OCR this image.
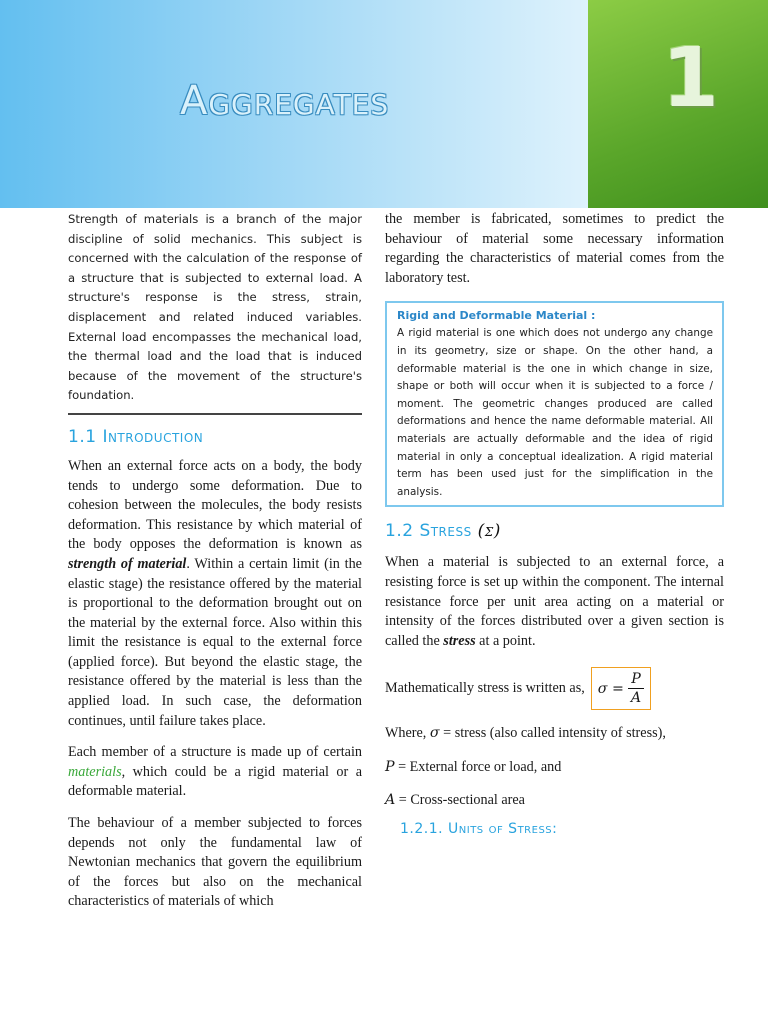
Aggregates	1

Strength of materials is a branch of the major discipline of solid mechanics. This subject is concerned with the calculation of the response of a structure that is subjected to external load. A structure's response is the stress, strain, displacement and related induced variables. External load encompasses the mechanical load, the thermal load and the load that is induced because of the movement of the structure's foundation.

1.1 Introduction

When an external force acts on a body, the body tends to undergo some deformation. Due to cohesion between the molecules, the body resists deformation. This resistance by which material of the body opposes the deformation is known as strength of material. Within a certain limit (in the elastic stage) the resistance offered by the material is proportional to the deformation brought out on the material by the external force. Also within this limit the resistance is equal to the external force (applied force). But beyond the elastic stage, the resistance offered by the material is less than the applied load. In such case, the deformation continues, until failure takes place.

Each member of a structure is made up of certain materials, which could be a rigid material or a deformable material.

The behaviour of a member subjected to forces depends not only the fundamental law of Newtonian mechanics that govern the equilibrium of the forces but also on the mechanical characteristics of materials of which

the member is fabricated, sometimes to predict the behaviour of material some necessary information regarding the characteristics of material comes from the laboratory test.

Rigid and Deformable Material :

A rigid material is one which does not undergo any change in its geometry, size or shape. On the other hand, a deformable material is the one in which change in size, shape or both will occur when it is subjected to a force / moment. The geometric changes produced are called deformations and hence the name deformable material. All materials are actually deformable and the idea of rigid material in only a conceptual idealization. A rigid material term has been used just for the simplification in the analysis.

1.2 Stress (σ)

When a material is subjected to an external force, a resisting force is set up within the component. The internal resistance force per unit area acting on a material or intensity of the forces distributed over a given section is called the stress at a point.

Mathematically stress is written as, $\sigma = \frac{P}{A}$

Where, σ = stress (also called intensity of stress),

P = External force or load, and

A = Cross-sectional area

1.2.1. Units of Stress:
